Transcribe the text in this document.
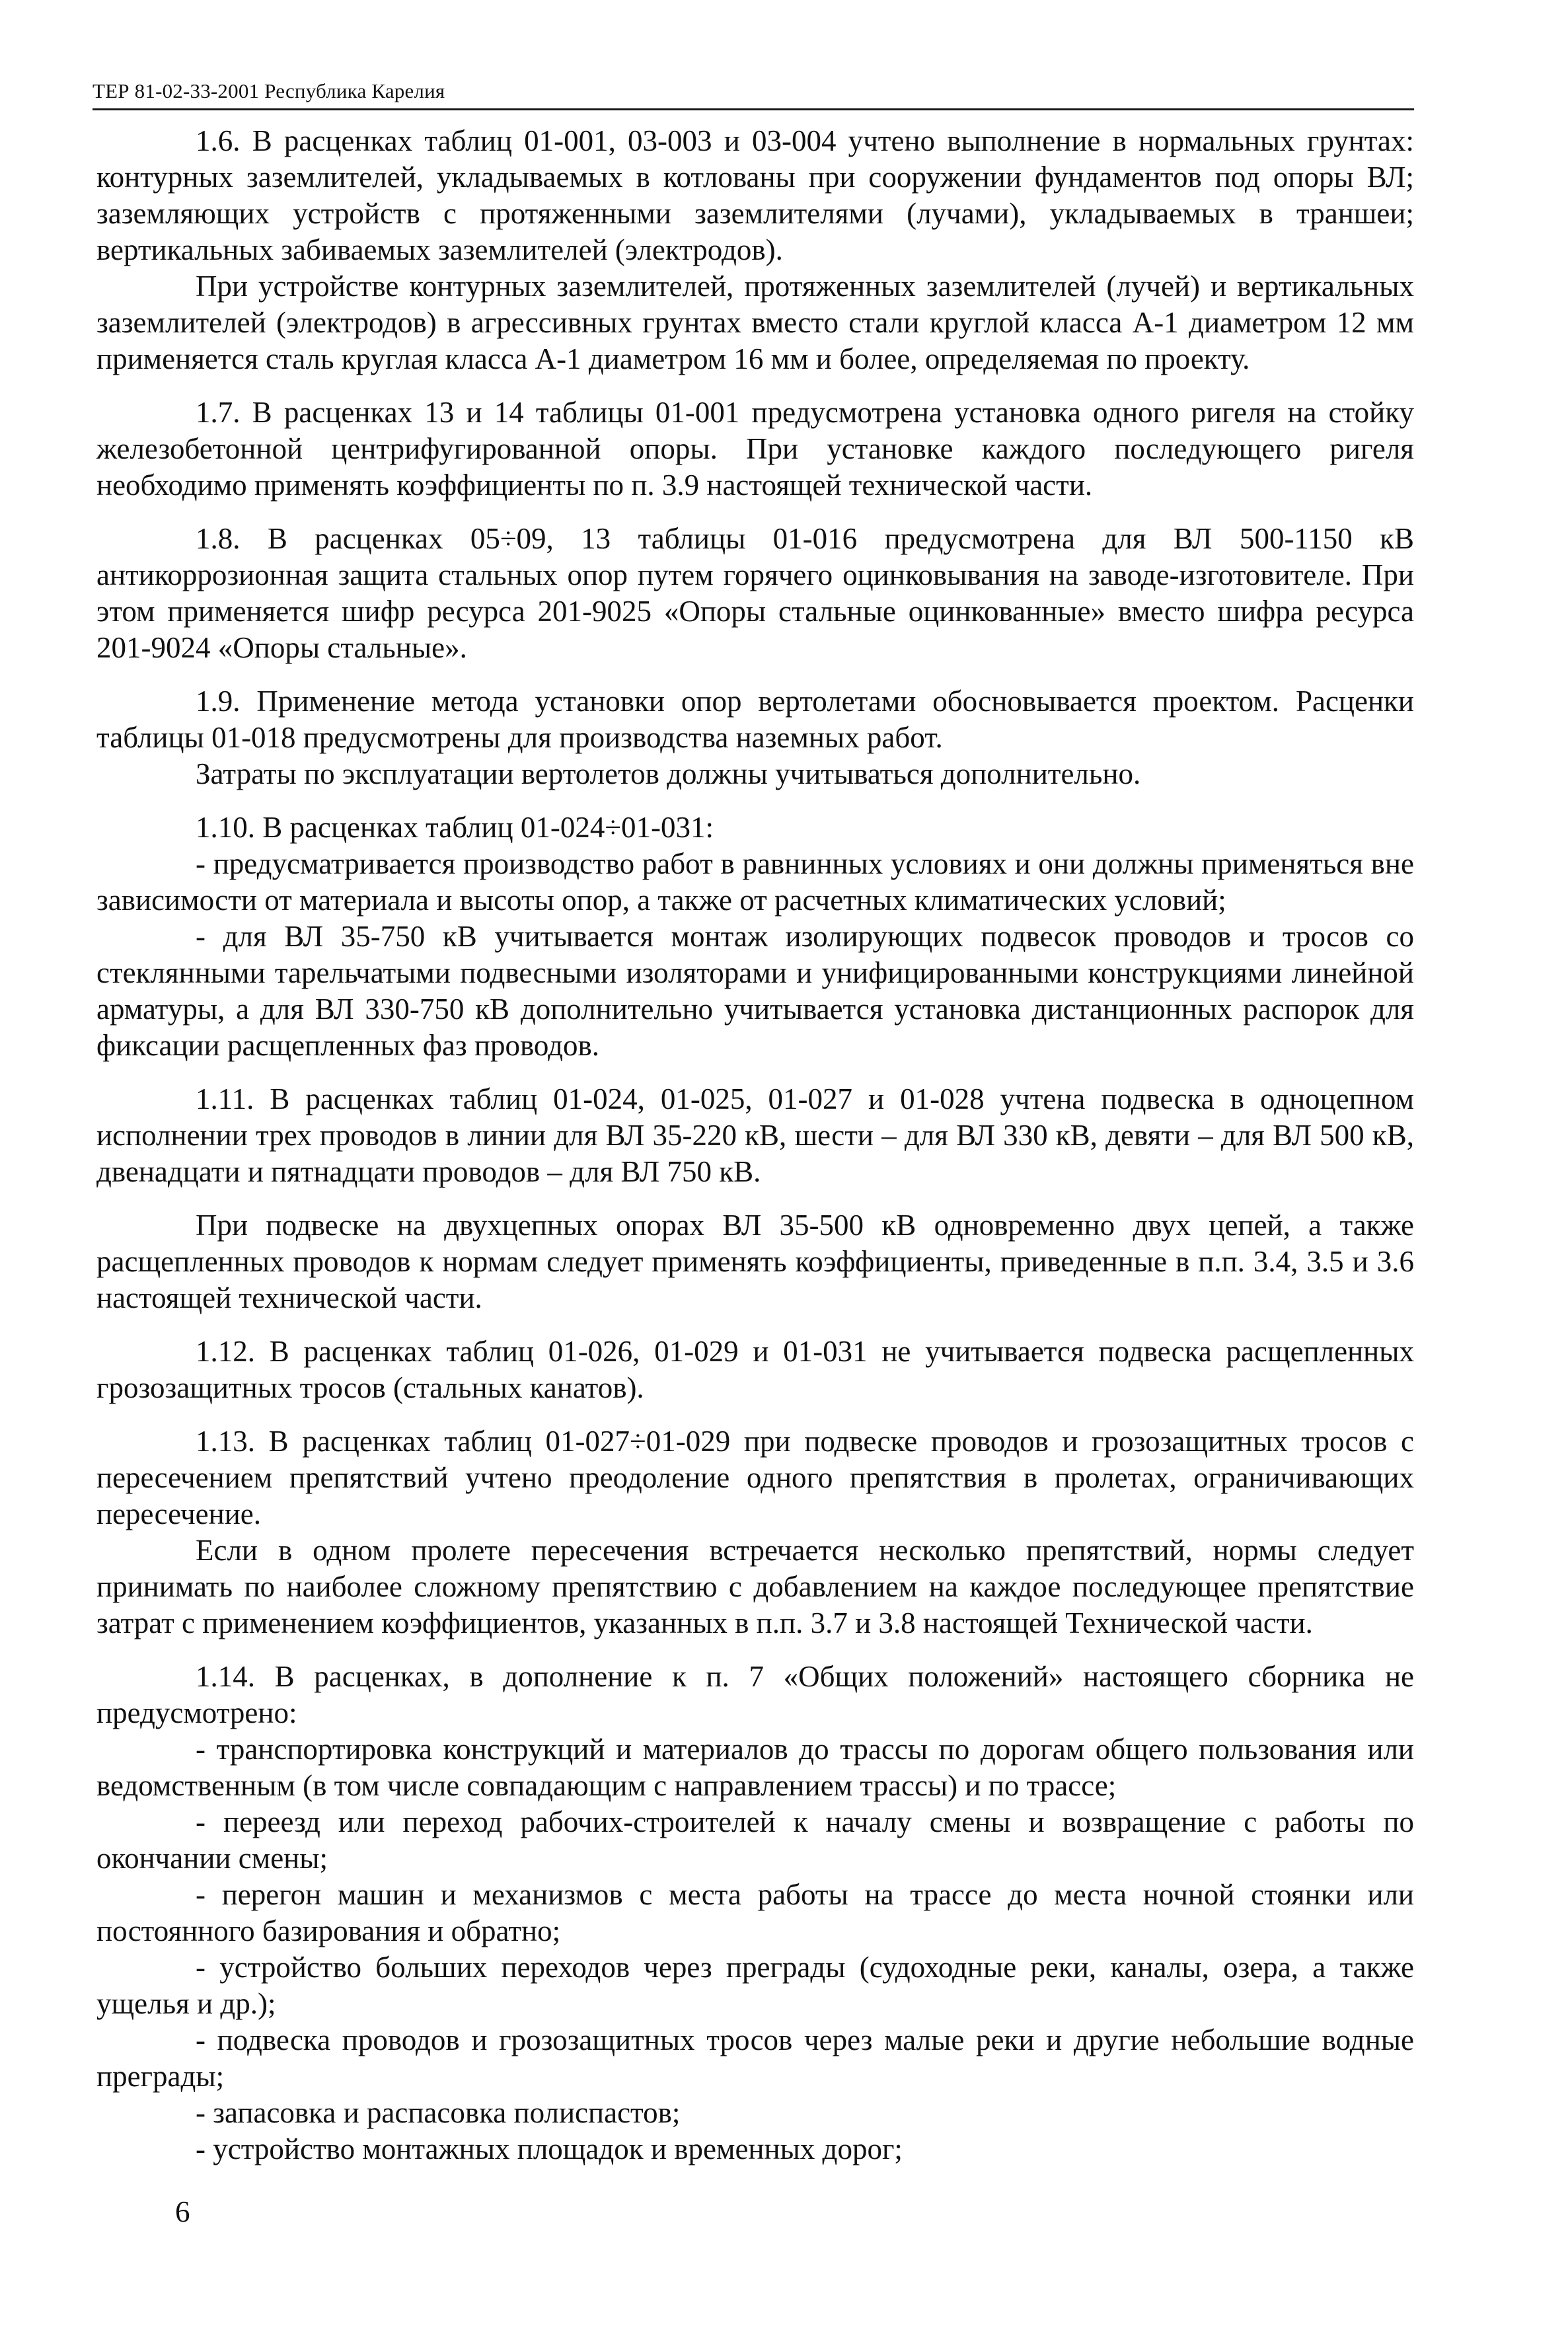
ТЕР 81-02-33-2001 Республика Карелия

1.6. В расценках таблиц 01-001, 03-003 и 03-004 учтено выполнение в нормальных грунтах: контурных заземлителей, укладываемых в котлованы при сооружении фундаментов под опоры ВЛ; заземляющих устройств с протяженными заземлителями (лучами), укладываемых в траншеи; вертикальных забиваемых заземлителей (электродов).

При устройстве контурных заземлителей, протяженных заземлителей (лучей) и вертикальных заземлителей (электродов) в агрессивных грунтах вместо стали круглой класса А-1 диаметром 12 мм применяется сталь круглая класса А-1 диаметром 16 мм и более, определяемая по проекту.

1.7. В расценках 13 и 14 таблицы 01-001 предусмотрена установка одного ригеля на стойку железобетонной центрифугированной опоры. При установке каждого последующего ригеля необходимо применять коэффициенты по п. 3.9 настоящей технической части.

1.8. В расценках 05÷09, 13 таблицы 01-016 предусмотрена для ВЛ 500-1150 кВ антикоррозионная защита стальных опор путем горячего оцинковывания на заводе-изготовителе. При этом применяется шифр ресурса 201-9025 «Опоры стальные оцинкованные» вместо шифра ресурса 201-9024 «Опоры стальные».

1.9. Применение метода установки опор вертолетами обосновывается проектом. Расценки таблицы 01-018 предусмотрены для производства наземных работ.

Затраты по эксплуатации вертолетов должны учитываться дополнительно.

1.10. В расценках таблиц 01-024÷01-031:

- предусматривается производство работ в равнинных условиях и они должны применяться вне зависимости от материала и высоты опор, а также от расчетных климатических условий;

- для ВЛ 35-750 кВ учитывается монтаж изолирующих подвесок проводов и тросов со стеклянными тарельчатыми подвесными изоляторами и унифицированными конструкциями линейной арматуры, а для ВЛ 330-750 кВ дополнительно учитывается установка дистанционных распорок для фиксации расщепленных фаз проводов.

1.11. В расценках таблиц 01-024, 01-025, 01-027 и 01-028 учтена подвеска в одноцепном исполнении трех проводов в линии для ВЛ 35-220 кВ, шести – для ВЛ 330 кВ, девяти – для ВЛ 500 кВ, двенадцати и пятнадцати проводов – для ВЛ 750 кВ.

При подвеске на двухцепных опорах ВЛ 35-500 кВ одновременно двух цепей, а также расщепленных проводов к нормам следует применять коэффициенты, приведенные в п.п. 3.4, 3.5 и 3.6 настоящей технической части.

1.12. В расценках таблиц 01-026, 01-029 и 01-031 не учитывается подвеска расщепленных грозозащитных тросов (стальных канатов).

1.13. В расценках таблиц 01-027÷01-029 при подвеске проводов и грозозащитных тросов с пересечением препятствий учтено преодоление одного препятствия в пролетах, ограничивающих пересечение.

Если в одном пролете пересечения встречается несколько препятствий, нормы следует принимать по наиболее сложному препятствию с добавлением на каждое последующее препятствие затрат с применением коэффициентов, указанных в п.п. 3.7 и 3.8 настоящей Технической части.

1.14. В расценках, в дополнение к п. 7 «Общих положений» настоящего сборника не предусмотрено:

- транспортировка конструкций и материалов до трассы по дорогам общего пользования или ведомственным (в том числе совпадающим с направлением трассы) и по трассе;

- переезд или переход рабочих-строителей к началу смены и возвращение с работы по окончании смены;

- перегон машин и механизмов с места работы на трассе до места ночной стоянки или постоянного базирования и обратно;

- устройство больших переходов через преграды (судоходные реки, каналы, озера, а также ущелья и др.);

- подвеска проводов и грозозащитных тросов через малые реки и другие небольшие водные преграды;

- запасовка и распасовка полиспастов;

- устройство монтажных площадок и временных дорог;

6
